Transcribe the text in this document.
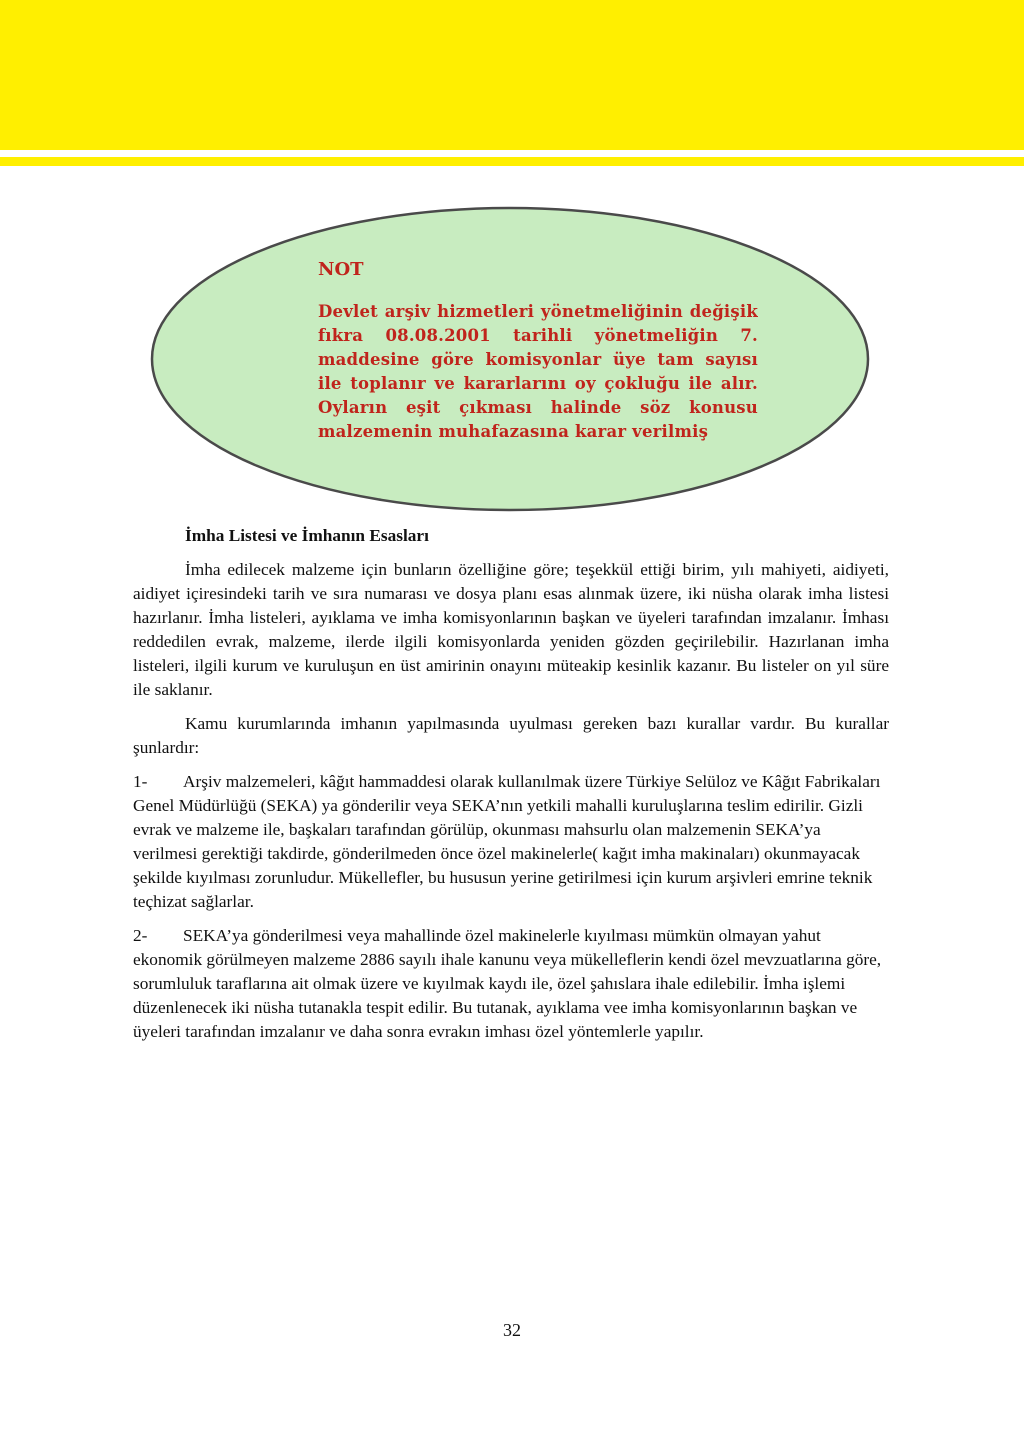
NOT
Devlet arşiv hizmetleri yönetmeliğinin değişik fıkra 08.08.2001 tarihli yönetmeliğin 7. maddesine göre komisyonlar üye tam sayısı ile toplanır ve kararlarını oy çokluğu ile alır. Oyların eşit çıkması halinde söz konusu malzemenin muhafazasına karar verilmiş
İmha Listesi ve İmhanın Esasları

İmha edilecek malzeme için bunların özelliğine göre; teşekkül ettiği birim, yılı mahiyeti, aidiyeti, aidiyet içiresindeki tarih ve sıra numarası ve dosya planı esas alınmak üzere, iki nüsha olarak imha listesi hazırlanır. İmha listeleri, ayıklama ve imha komisyonlarının başkan ve üyeleri tarafından imzalanır. İmhası reddedilen evrak, malzeme, ilerde ilgili komisyonlarda yeniden gözden geçirilebilir. Hazırlanan imha listeleri, ilgili kurum ve kuruluşun en üst amirinin onayını müteakip kesinlik kazanır. Bu listeler on yıl süre ile saklanır.

Kamu kurumlarında imhanın yapılmasında uyulması gereken bazı kurallar vardır. Bu kurallar şunlardır:

1- Arşiv malzemeleri, kâğıt hammaddesi olarak kullanılmak üzere Türkiye Selüloz ve Kâğıt Fabrikaları Genel Müdürlüğü (SEKA) ya gönderilir veya SEKA’nın yetkili mahalli kuruluşlarına teslim edirilir. Gizli evrak ve malzeme ile, başkaları tarafından görülüp, okunması mahsurlu olan malzemenin SEKA’ya verilmesi gerektiği takdirde, gönderilmeden önce özel makinelerle( kağıt imha makinaları) okunmayacak şekilde kıyılması zorunludur. Mükellefler, bu hususun yerine getirilmesi için kurum arşivleri emrine teknik teçhizat sağlarlar.

2- SEKA’ya gönderilmesi veya mahallinde özel makinelerle kıyılması mümkün olmayan yahut ekonomik görülmeyen malzeme 2886 sayılı ihale kanunu veya mükelleflerin kendi özel mevzuatlarına göre, sorumluluk taraflarına ait olmak üzere ve kıyılmak kaydı ile, özel şahıslara ihale edilebilir. İmha işlemi düzenlenecek iki nüsha tutanakla tespit edilir. Bu tutanak, ayıklama vee imha komisyonlarının başkan ve üyeleri tarafından imzalanır ve daha sonra evrakın imhası özel yöntemlerle yapılır.

32
